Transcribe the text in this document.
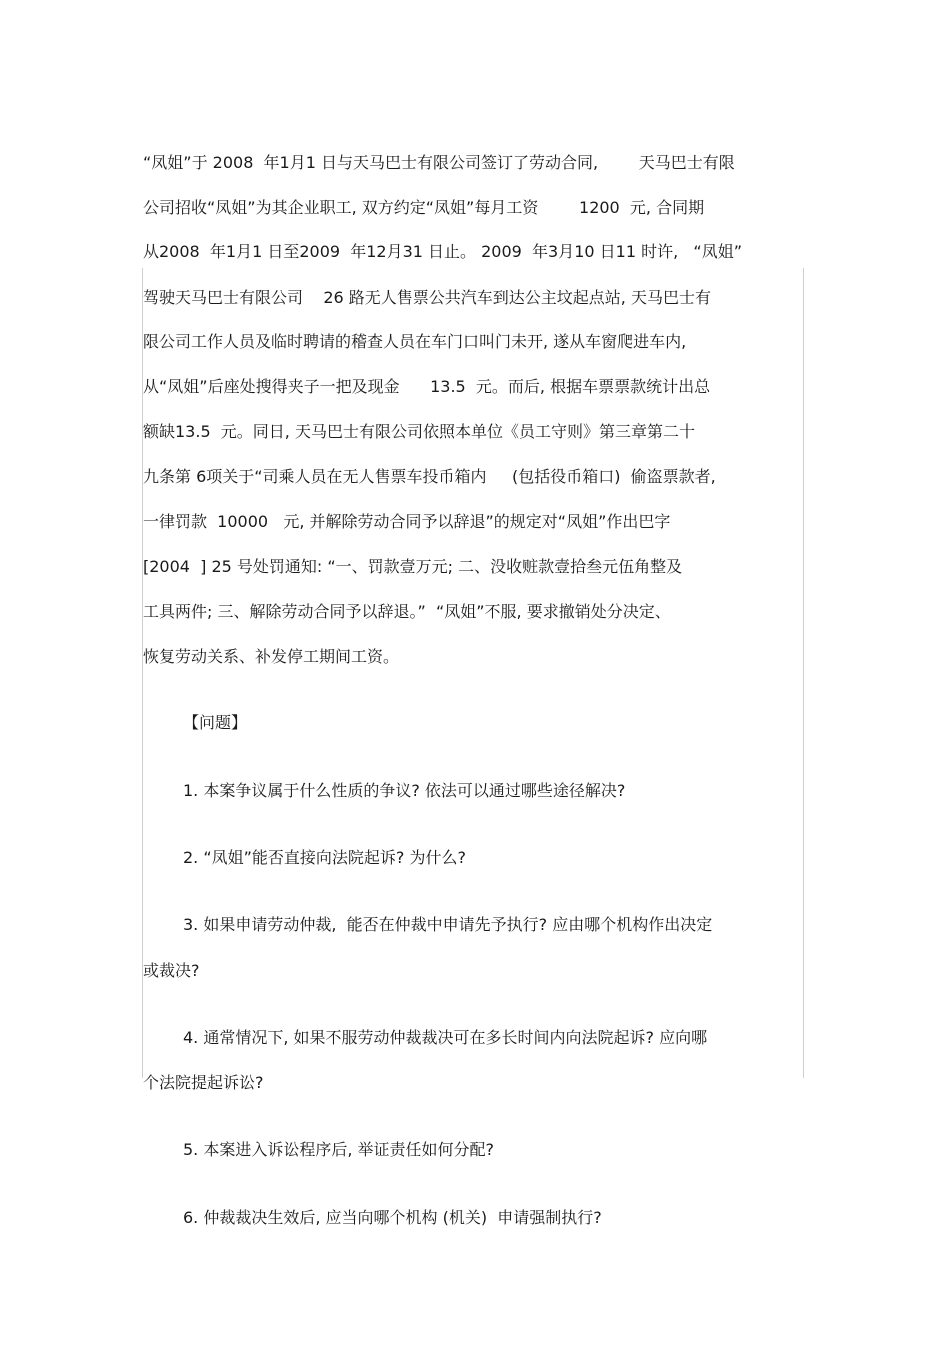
“凤姐”于 2008  年1月1 日与天马巴士有限公司签订了劳动合同,        天马巴士有限
公司招收“凤姐”为其企业职工, 双方约定“凤姐”每月工资        1200  元, 合同期
从2008  年1月1 日至2009  年12月31 日止。 2009  年3月10 日11 时许,   “凤姐”
驾驶天马巴士有限公司    26 路无人售票公共汽车到达公主坟起点站, 天马巴士有
限公司工作人员及临时聘请的稽查人员在车门口叫门未开, 遂从车窗爬进车内,
从“凤姐”后座处搜得夹子一把及现金      13.5  元。而后, 根据车票票款统计出总
额缺13.5  元。同日, 天马巴士有限公司依照本单位《员工守则》第三章第二十
九条第 6项关于“司乘人员在无人售票车投币箱内     (包括役币箱口)  偷盗票款者,
一律罚款  10000   元, 并解除劳动合同予以辞退”的规定对“凤姐”作出巴字
[2004  ] 25 号处罚通知: “一、罚款壹万元; 二、没收赃款壹拾叁元伍角整及
工具两件; 三、解除劳动合同予以辞退。”  “凤姐”不服, 要求撤销处分决定、
恢复劳动关系、补发停工期间工资。
【问题】
1. 本案争议属于什么性质的争议? 依法可以通过哪些途径解决?
2. “凤姐”能否直接向法院起诉? 为什么?
3. 如果申请劳动仲裁,  能否在仲裁中申请先予执行? 应由哪个机构作出决定
或裁决?
4. 通常情况下, 如果不服劳动仲裁裁决可在多长时间内向法院起诉? 应向哪
个法院提起诉讼?
5. 本案进入诉讼程序后, 举证责任如何分配?
6. 仲裁裁决生效后, 应当向哪个机构 (机关)  申请强制执行?
